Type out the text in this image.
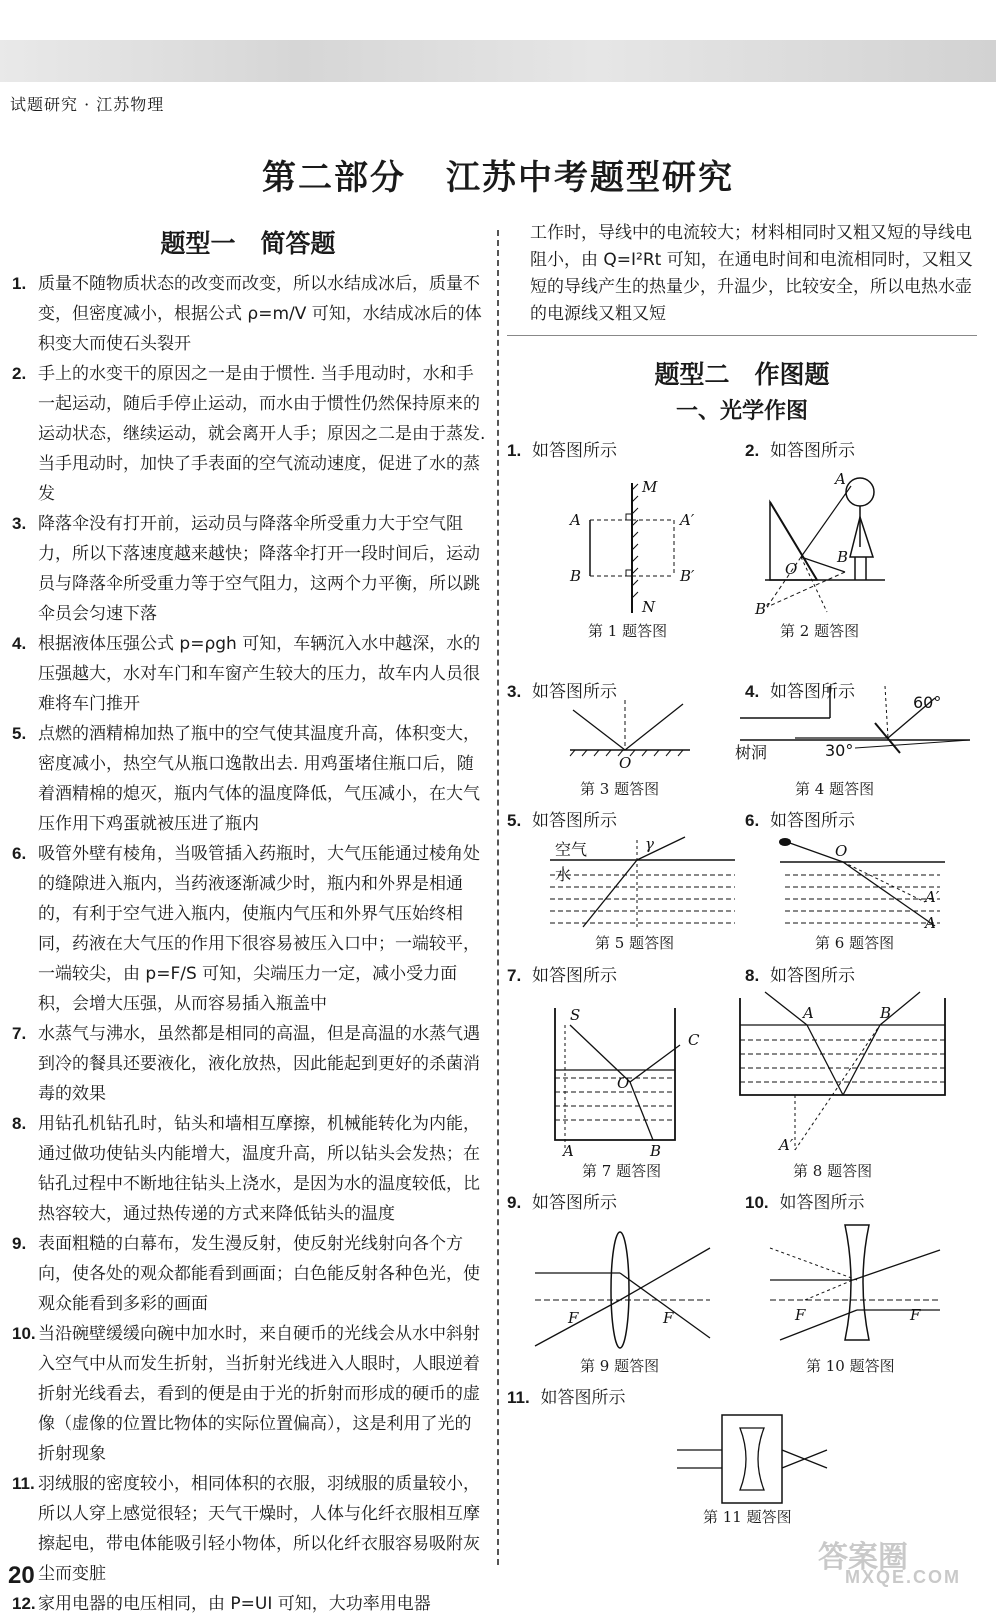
试题研究 · 江苏物理
第二部分 江苏中考题型研究
题型一　简答题
1. 质量不随物质状态的改变而改变，所以水结成冰后，质量不变，但密度减小，根据公式 ρ=m/V 可知，水结成冰后的体积变大而使石头裂开
2. 手上的水变干的原因之一是由于惯性. 当手甩动时，水和手一起运动，随后手停止运动，而水由于惯性仍然保持原来的运动状态，继续运动，就会离开人手；原因之二是由于蒸发. 当手甩动时，加快了手表面的空气流动速度，促进了水的蒸发
3. 降落伞没有打开前，运动员与降落伞所受重力大于空气阻力，所以下落速度越来越快；降落伞打开一段时间后，运动员与降落伞所受重力等于空气阻力，这两个力平衡，所以跳伞员会匀速下落
4. 根据液体压强公式 p=ρgh 可知，车辆沉入水中越深，水的压强越大，水对车门和车窗产生较大的压力，故车内人员很难将车门推开
5. 点燃的酒精棉加热了瓶中的空气使其温度升高，体积变大，密度减小，热空气从瓶口逸散出去. 用鸡蛋堵住瓶口后，随着酒精棉的熄灭，瓶内气体的温度降低，气压减小，在大气压作用下鸡蛋就被压进了瓶内
6. 吸管外壁有棱角，当吸管插入药瓶时，大气压能通过棱角处的缝隙进入瓶内，当药液逐渐减少时，瓶内和外界是相通的，有利于空气进入瓶内，使瓶内气压和外界气压始终相同，药液在大气压的作用下很容易被压入口中；一端较平，一端较尖，由 p=F/S 可知，尖端压力一定，减小受力面积，会增大压强，从而容易插入瓶盖中
7. 水蒸气与沸水，虽然都是相同的高温，但是高温的水蒸气遇到冷的餐具还要液化，液化放热，因此能起到更好的杀菌消毒的效果
8. 用钻孔机钻孔时，钻头和墙相互摩擦，机械能转化为内能，通过做功使钻头内能增大，温度升高，所以钻头会发热；在钻孔过程中不断地往钻头上浇水，是因为水的温度较低，比热容较大，通过热传递的方式来降低钻头的温度
9. 表面粗糙的白幕布，发生漫反射，使反射光线射向各个方向，使各处的观众都能看到画面；白色能反射各种色光，使观众能看到多彩的画面
10. 当沿碗壁缓缓向碗中加水时，来自硬币的光线会从水中斜射入空气中从而发生折射，当折射光线进入人眼时，人眼逆着折射光线看去，看到的便是由于光的折射而形成的硬币的虚像（虚像的位置比物体的实际位置偏高），这是利用了光的折射现象
11. 羽绒服的密度较小，相同体积的衣服，羽绒服的质量较小，所以人穿上感觉很轻；天气干燥时，人体与化纤衣服相互摩擦起电，带电体能吸引轻小物体，所以化纤衣服容易吸附灰尘而变脏
12. 家用电器的电压相同，由 P=UI 可知，大功率用电器
工作时，导线中的电流较大；材料相同时又粗又短的导线电阻小，由 Q=I²Rt 可知，在通电时间和电流相同时，又粗又短的导线产生的热量少，升温少，比较安全，所以电热水壶的电源线又粗又短
题型二　作图题
一、光学作图
1. 如答图所示	2. 如答图所示
3. 如答图所示	4. 如答图所示
5. 如答图所示	6. 如答图所示
7. 如答图所示	8. 如答图所示
9. 如答图所示	10. 如答图所示
11. 如答图所示
M
N
A	A′
B	B′
第 1 题答图
A
B
O
B′
第 2 题答图
O
第 3 题答图
60°
30°
树洞
第 4 题答图
空气
水
γ
第 5 题答图
O
A′
A
第 6 题答图
S
C
O
A	B
第 7 题答图
A	B
A′
第 8 题答图
F	F
第 9 题答图
F	F
第 10 题答图
第 11 题答图
20
答案圈
MXQE.COM
